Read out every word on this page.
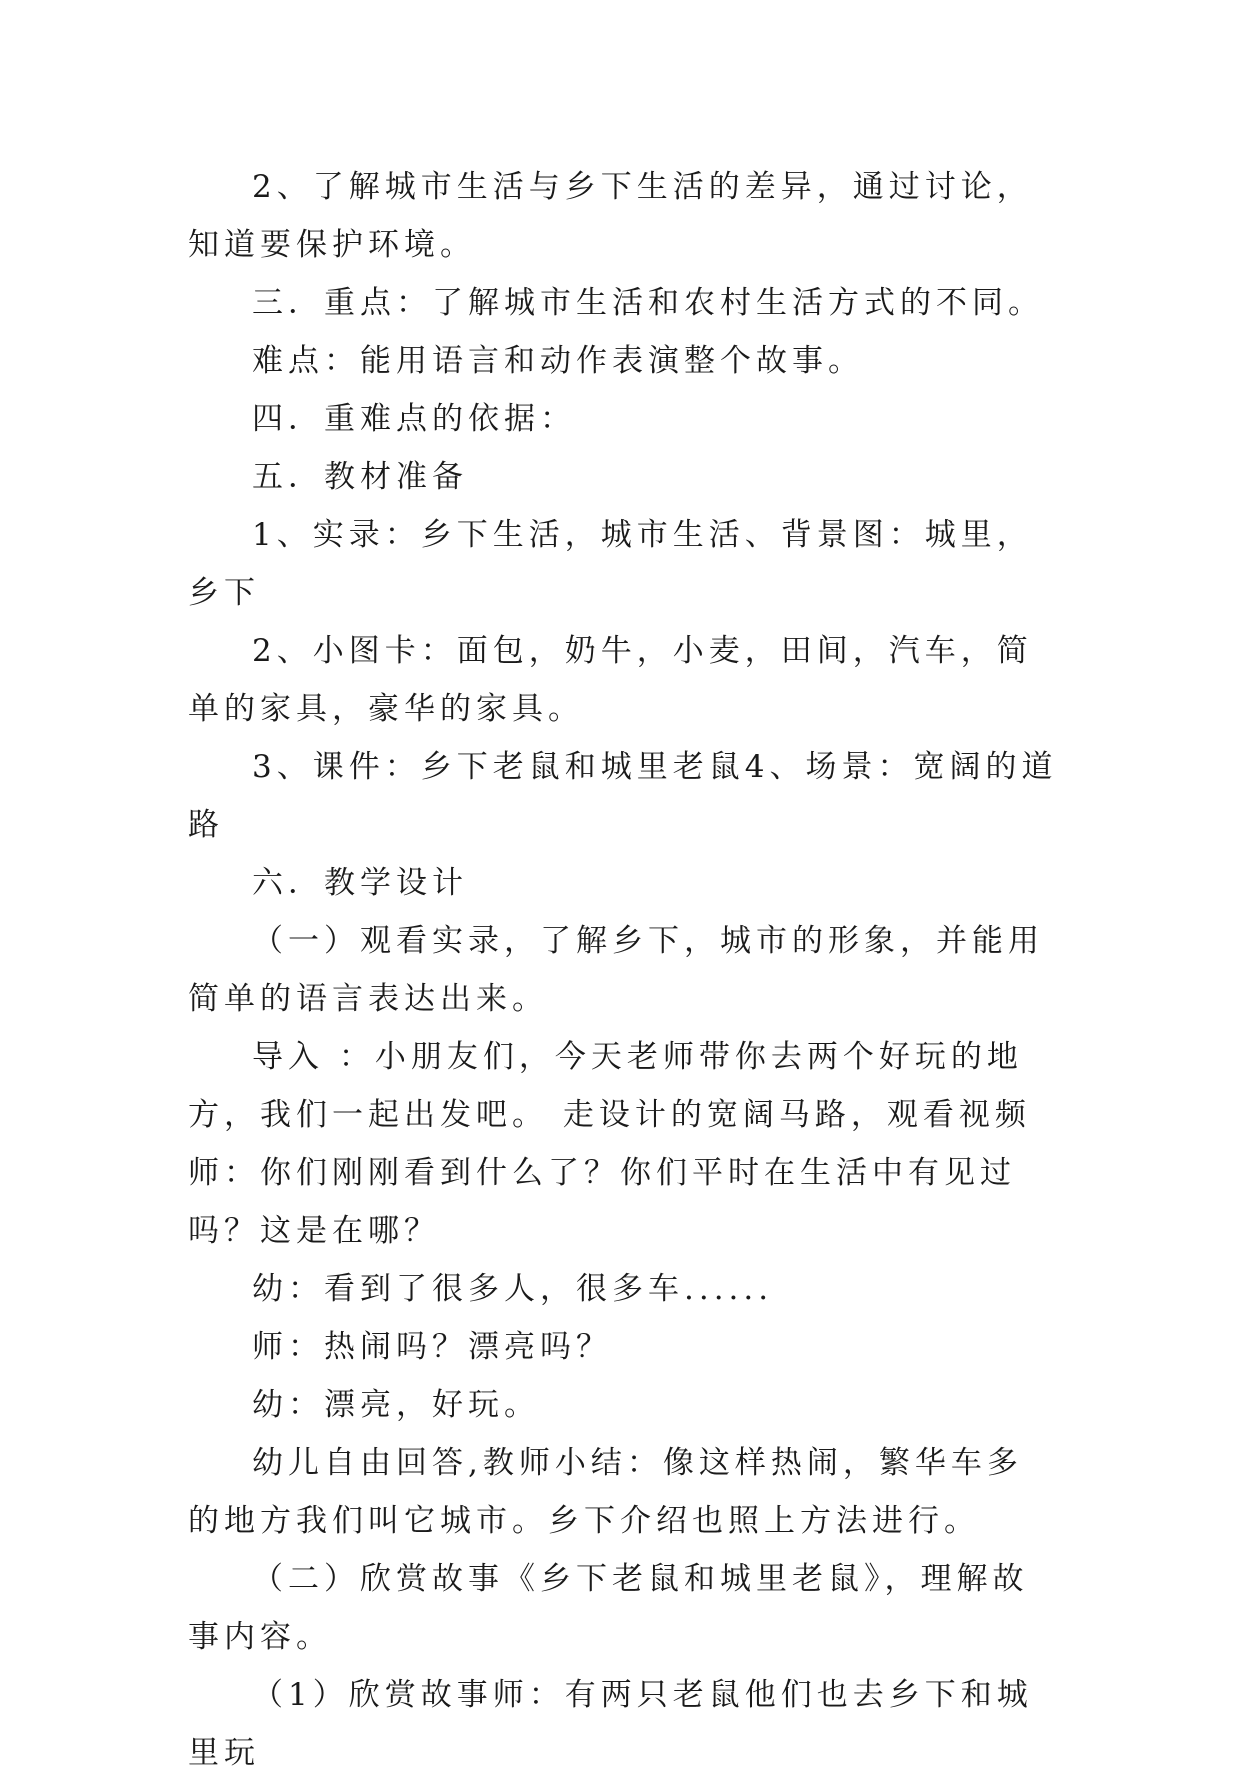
2、了解城市生活与乡下生活的差异，通过讨论，知道要保护环境。

三．重点：了解城市生活和农村生活方式的不同。

难点：能用语言和动作表演整个故事。

四．重难点的依据：

五．教材准备

1、实录：乡下生活，城市生活、背景图：城里，乡下

2、小图卡：面包，奶牛，小麦，田间，汽车，简单的家具，豪华的家具。

3、课件：乡下老鼠和城里老鼠4、场景：宽阔的道路

六．教学设计

（一）观看实录，了解乡下，城市的形象，并能用简单的语言表达出来。

导入 ：小朋友们，今天老师带你去两个好玩的地方，我们一起出发吧。 走设计的宽阔马路，观看视频师：你们刚刚看到什么了？你们平时在生活中有见过吗？这是在哪？

幼：看到了很多人，很多车......

师：热闹吗？漂亮吗？

幼：漂亮，好玩。

幼儿自由回答,教师小结：像这样热闹，繁华车多的地方我们叫它城市。乡下介绍也照上方法进行。

（二）欣赏故事《乡下老鼠和城里老鼠》，理解故事内容。

（1）欣赏故事师：有两只老鼠他们也去乡下和城里玩
